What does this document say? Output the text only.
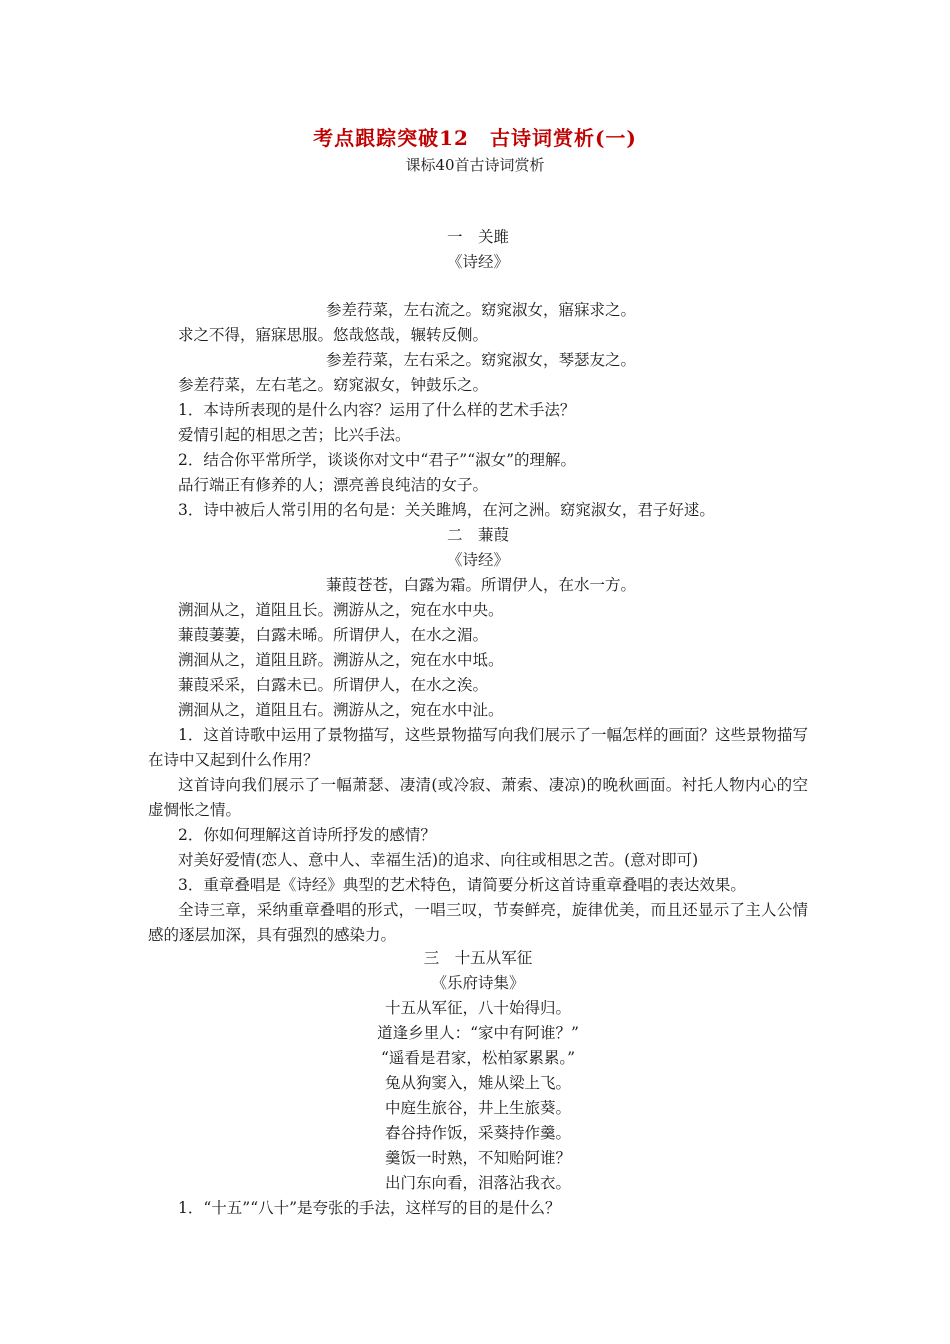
考点跟踪突破12　古诗词赏析(一)
课标40首古诗词赏析
一　关雎
《诗经》
参差荇菜，左右流之。窈窕淑女，寤寐求之。
求之不得，寤寐思服。悠哉悠哉，辗转反侧。
参差荇菜，左右采之。窈窕淑女，琴瑟友之。
参差荇菜，左右芼之。窈窕淑女，钟鼓乐之。
1．本诗所表现的是什么内容？运用了什么样的艺术手法？
爱情引起的相思之苦；比兴手法。
2．结合你平常所学，谈谈你对文中“君子”“淑女”的理解。
品行端正有修养的人；漂亮善良纯洁的女子。
3．诗中被后人常引用的名句是：关关雎鸠，在河之洲。窈窕淑女，君子好逑。
二　蒹葭
《诗经》
蒹葭苍苍，白露为霜。所谓伊人，在水一方。
溯洄从之，道阻且长。溯游从之，宛在水中央。
蒹葭萋萋，白露未晞。所谓伊人，在水之湄。
溯洄从之，道阻且跻。溯游从之，宛在水中坻。
蒹葭采采，白露未已。所谓伊人，在水之涘。
溯洄从之，道阻且右。溯游从之，宛在水中沚。
1．这首诗歌中运用了景物描写，这些景物描写向我们展示了一幅怎样的画面？这些景物描写在诗中又起到什么作用？
这首诗向我们展示了一幅萧瑟、凄清(或冷寂、萧索、凄凉)的晚秋画面。衬托人物内心的空虚惆怅之情。
2．你如何理解这首诗所抒发的感情？
对美好爱情(恋人、意中人、幸福生活)的追求、向往或相思之苦。(意对即可)
3．重章叠唱是《诗经》典型的艺术特色，请简要分析这首诗重章叠唱的表达效果。
全诗三章，采纳重章叠唱的形式，一唱三叹，节奏鲜亮，旋律优美，而且还显示了主人公情感的逐层加深，具有强烈的感染力。
三　十五从军征
《乐府诗集》
十五从军征，八十始得归。
道逢乡里人：“家中有阿谁？”
“遥看是君家，松柏冢累累。”
兔从狗窦入，雉从梁上飞。
中庭生旅谷，井上生旅葵。
舂谷持作饭，采葵持作羹。
羹饭一时熟，不知贻阿谁？
出门东向看，泪落沾我衣。
1．“十五”“八十”是夸张的手法，这样写的目的是什么？
